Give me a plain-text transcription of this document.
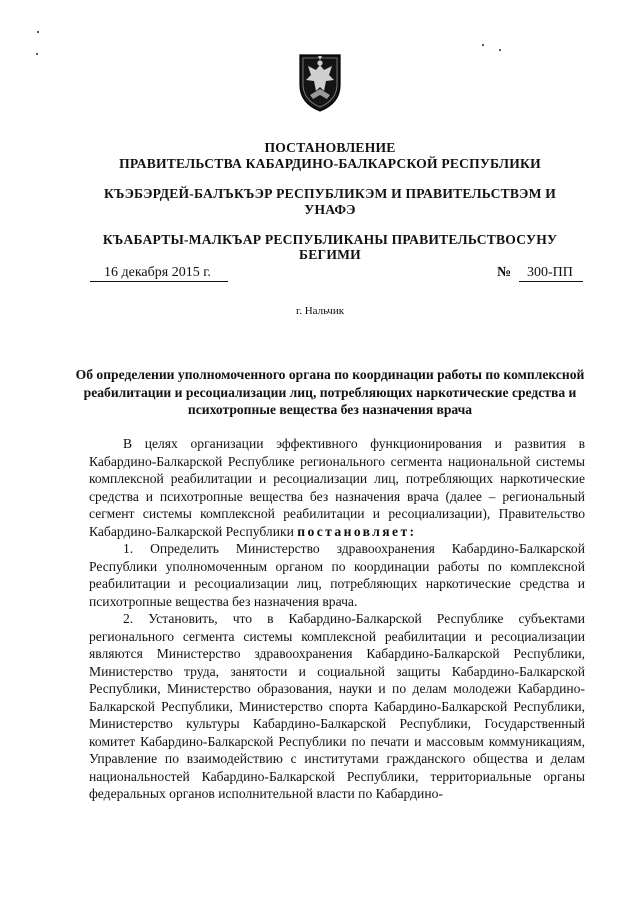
ПОСТАНОВЛЕНИЕ

ПРАВИТЕЛЬСТВА КАБАРДИНО-БАЛКАРСКОЙ РЕСПУБЛИКИ

КЪЭБЭРДЕЙ-БАЛЪКЪЭР РЕСПУБЛИКЭМ И ПРАВИТЕЛЬСТВЭМ И

УНАФЭ

КЪАБАРТЫ-МАЛКЪАР РЕСПУБЛИКАНЫ ПРАВИТЕЛЬСТВОСУНУ

БЕГИМИ

16 декабря 2015 г.	№	300-ПП
г. Нальчик

Об определении уполномоченного органа по координации работы по комплексной реабилитации и ресоциализации лиц, потребляющих наркотические средства и психотропные вещества без назначения врача

В целях организации эффективного функционирования и развития в Кабардино-Балкарской Республике регионального сегмента национальной системы комплексной реабилитации и ресоциализации лиц, потребляющих наркотические средства и психотропные вещества без назначения врача (далее – региональный сегмент системы комплексной реабилитации и ресоциализации), Правительство Кабардино-Балкарской Республики постановляет:

1. Определить Министерство здравоохранения Кабардино-Балкарской Республики уполномоченным органом по координации работы по комплексной реабилитации и ресоциализации лиц, потребляющих наркотические средства и психотропные вещества без назначения врача.

2. Установить, что в Кабардино-Балкарской Республике субъектами регионального сегмента системы комплексной реабилитации и ресоциализации являются Министерство здравоохранения Кабардино-Балкарской Республики, Министерство труда, занятости и социальной защиты Кабардино-Балкарской Республики, Министерство образования, науки и по делам молодежи Кабардино-Балкарской Республики, Министерство спорта Кабардино-Балкарской Республики, Министерство культуры Кабардино-Балкарской Республики, Государственный комитет Кабардино-Балкарской Республики по печати и массовым коммуникациям, Управление по взаимодействию с институтами гражданского общества и делам национальностей Кабардино-Балкарской Республики, территориальные органы федеральных органов исполнительной власти по Кабардино-
